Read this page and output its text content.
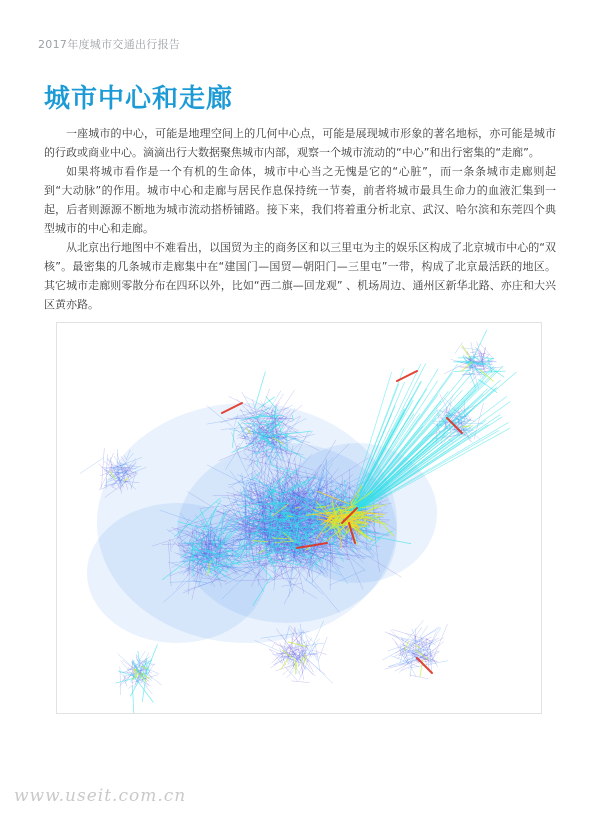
2017年度城市交通出行报告
城市中心和走廊

一座城市的中心，可能是地理空间上的几何中心点，可能是展现城市形象的著名地标，亦可能是城市的行政或商业中心。滴滴出行大数据聚焦城市内部，观察一个城市流动的“中心”和出行密集的“走廊”。

如果将城市看作是一个有机的生命体，城市中心当之无愧是它的“心脏”，而一条条城市走廊则起到“大动脉”的作用。城市中心和走廊与居民作息保持统一节奏，前者将城市最具生命力的血液汇集到一起，后者则源源不断地为城市流动搭桥铺路。接下来，我们将着重分析北京、武汉、哈尔滨和东莞四个典型城市的中心和走廊。

从北京出行地图中不难看出，以国贸为主的商务区和以三里屯为主的娱乐区构成了北京城市中心的“双核”。最密集的几条城市走廊集中在“建国门—国贸—朝阳门—三里屯”一带，构成了北京最活跃的地区。其它城市走廊则零散分布在四环以外，比如“西二旗—回龙观” 、机场周边、通州区新华北路、亦庄和大兴区黄亦路。

www.useit.com.cn
